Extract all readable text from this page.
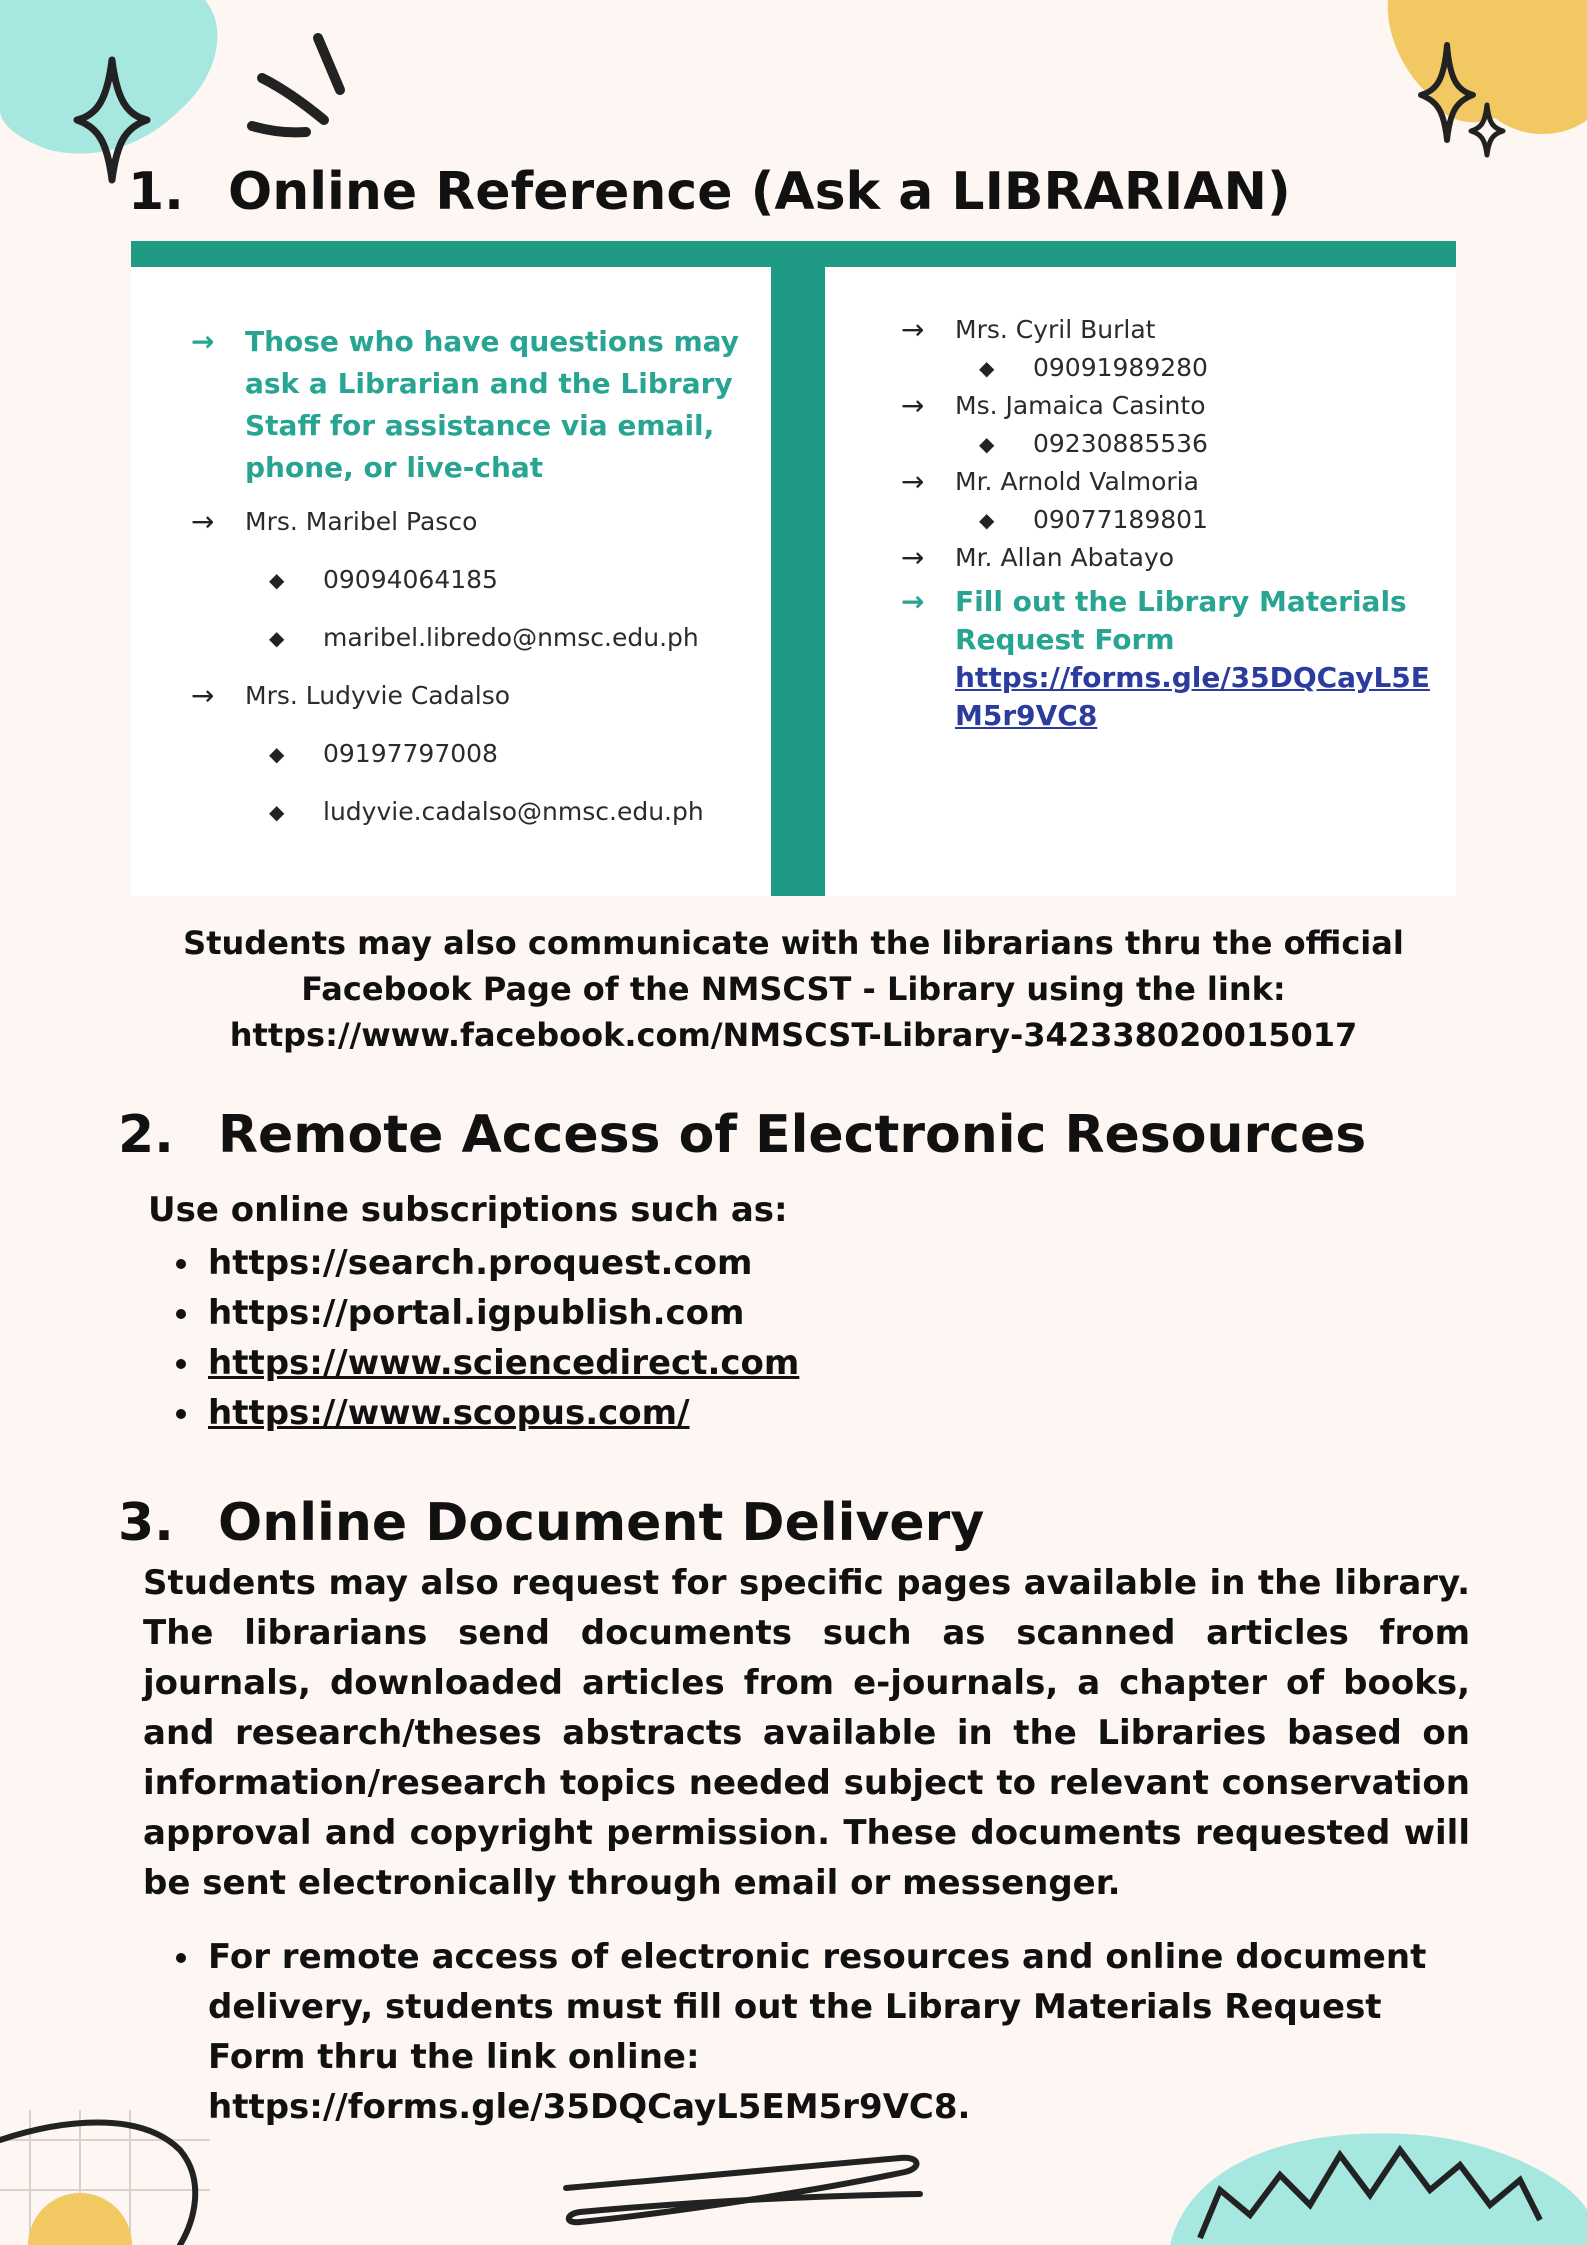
1. Online Reference (Ask a LIBRARIAN)
→ Those who have questions may ask a Librarian and the Library Staff for assistance via email, phone, or live-chat
→ Mrs. Maribel Pasco
◆ 09094064185
◆ maribel.libredo@nmsc.edu.ph
→ Mrs. Ludyvie Cadalso
◆ 09197797008
◆ ludyvie.cadalso@nmsc.edu.ph
→ Mrs. Cyril Burlat
◆ 09091989280
→ Ms. Jamaica Casinto
◆ 09230885536
→ Mr. Arnold Valmoria
◆ 09077189801
→ Mr. Allan Abatayo
→ Fill out the Library Materials Request Form
https://forms.gle/35DQCayL5EM5r9VC8
Students may also communicate with the librarians thru the official Facebook Page of the NMSCST - Library using the link: https://www.facebook.com/NMSCST-Library-342338020015017
2. Remote Access of Electronic Resources
Use online subscriptions such as:
https://search.proquest.com
https://portal.igpublish.com
https://www.sciencedirect.com
https://www.scopus.com/
3. Online Document Delivery
Students may also request for specific pages available in the library. The librarians send documents such as scanned articles from journals, downloaded articles from e-journals, a chapter of books, and research/theses abstracts available in the Libraries based on information/research topics needed subject to relevant conservation approval and copyright permission. These documents requested will be sent electronically through email or messenger.
For remote access of electronic resources and online document delivery, students must fill out the Library Materials Request Form thru the link online: https://forms.gle/35DQCayL5EM5r9VC8.
